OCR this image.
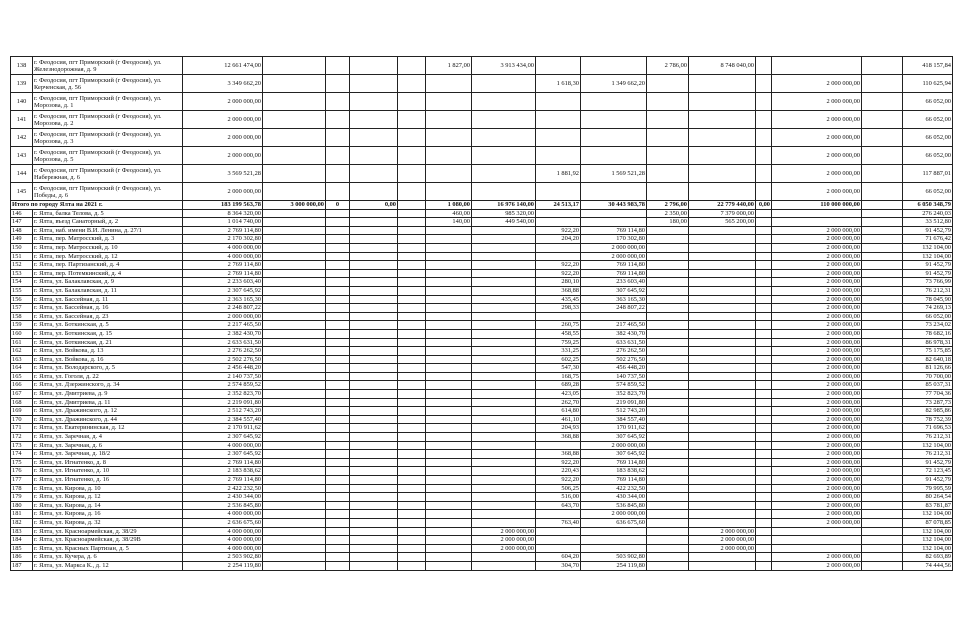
138	г. Феодосия, пгт Приморский (г Феодосия), ул. Железнодорожная, д. 9	12 661 474,00					1 827,00	3 913 434,00			2 786,00	8 748 040,00				418 157,84
139	г. Феодосия, пгт Приморский (г Феодосия), ул. Керченская, д. 56	3 349 662,20							1 618,30	1 349 662,20				2 000 000,00		110 625,94
140	г. Феодосия, пгт Приморский (г Феодосия), ул. Морозова, д. 1	2 000 000,00												2 000 000,00		66 052,00
141	г. Феодосия, пгт Приморский (г Феодосия), ул. Морозова, д. 2	2 000 000,00												2 000 000,00		66 052,00
142	г. Феодосия, пгт Приморский (г Феодосия), ул. Морозова, д. 3	2 000 000,00												2 000 000,00		66 052,00
143	г. Феодосия, пгт Приморский (г Феодосия), ул. Морозова, д. 5	2 000 000,00												2 000 000,00		66 052,00
144	г. Феодосия, пгт Приморский (г Феодосия), ул. Набережная, д. 6	3 569 521,28							1 881,92	1 569 521,28				2 000 000,00		117 887,01
145	г. Феодосия, пгт Приморский (г Феодосия), ул. Победы, д. 6	2 000 000,00												2 000 000,00		66 052,00
Итого по городу Ялта на 2021 г.		183 199 563,78	3 000 000,00	0	0,00		1 080,00	16 976 140,00	24 513,17	30 443 983,78	2 796,00	22 779 440,00	0,00	110 000 000,00		6 050 348,79
146	г. Ялта, балка Телова, д. 5	8 364 320,00					460,00	985 320,00			2 350,00	7 379 000,00				276 240,03
147	г. Ялта, въезд Санаторный, д. 2	1 014 740,00					140,00	449 540,00			180,00	565 200,00				33 512,80
148	г. Ялта, наб. имени В.И. Ленина, д. 27/1	2 769 114,80							922,20	769 114,80				2 000 000,00		91 452,79
149	г. Ялта, пер. Матросский, д. 3	2 170 302,80							204,20	170 302,80				2 000 000,00		71 676,42
150	г. Ялта, пер. Матросский, д. 10	4 000 000,00								2 000 000,00				2 000 000,00		132 104,00
151	г. Ялта, пер. Матросский, д. 12	4 000 000,00								2 000 000,00				2 000 000,00		132 104,00
152	г. Ялта, пер. Партизанский, д. 4	2 769 114,80							922,20	769 114,80				2 000 000,00		91 452,79
153	г. Ялта, пер. Потемкинский, д. 4	2 769 114,80							922,20	769 114,80				2 000 000,00		91 452,79
154	г. Ялта, ул. Балаклавская, д. 9	2 233 603,40							280,10	233 603,40				2 000 000,00		73 766,99
155	г. Ялта, ул. Балаклавская, д. 11	2 307 645,92							368,88	307 645,92				2 000 000,00		76 212,31
156	г. Ялта, ул. Бассейная, д. 11	2 363 165,30							435,45	363 165,30				2 000 000,00		78 045,90
157	г. Ялта, ул. Бассейная, д. 16	2 248 807,22							298,33	248 807,22				2 000 000,00		74 269,13
158	г. Ялта, ул. Бассейная, д. 23	2 000 000,00												2 000 000,00		66 052,00
159	г. Ялта, ул. Боткинская, д. 5	2 217 465,50							260,75	217 465,50				2 000 000,00		73 234,02
160	г. Ялта, ул. Боткинская, д. 15	2 382 430,70							458,55	382 430,70				2 000 000,00		78 682,16
161	г. Ялта, ул. Боткинская, д. 21	2 633 631,50							759,25	633 631,50				2 000 000,00		86 978,31
162	г. Ялта, ул. Войкова, д. 13	2 276 262,50							331,25	276 262,50				2 000 000,00		75 175,85
163	г. Ялта, ул. Войкова, д. 16	2 502 276,50							602,25	502 276,50				2 000 000,00		82 640,18
164	г. Ялта, ул. Володарского, д. 5	2 456 448,20							547,30	456 448,20				2 000 000,00		81 126,66
165	г. Ялта, ул. Гоголя, д. 22	2 140 737,50							168,75	140 737,50				2 000 000,00		70 700,00
166	г. Ялта, ул. Дзержинского, д. 34	2 574 859,52							689,28	574 859,52				2 000 000,00		85 037,31
167	г. Ялта, ул. Дмитриева, д. 9	2 352 823,70							423,05	352 823,70				2 000 000,00		77 704,36
168	г. Ялта, ул. Дмитриева, д. 11	2 219 091,80							262,70	219 091,80				2 000 000,00		73 287,73
169	г. Ялта, ул. Дражинского, д. 12	2 512 743,20							614,80	512 743,20				2 000 000,00		82 985,86
170	г. Ялта, ул. Дражинского, д. 44	2 384 557,40							461,10	384 557,40				2 000 000,00		78 752,39
171	г. Ялта, ул. Екатерининская, д. 12	2 170 911,62							204,93	170 911,62				2 000 000,00		71 696,53
172	г. Ялта, ул. Заречная, д. 4	2 307 645,92							368,88	307 645,92				2 000 000,00		76 212,31
173	г. Ялта, ул. Заречная, д. 6	4 000 000,00								2 000 000,00				2 000 000,00		132 104,00
174	г. Ялта, ул. Заречная, д. 18/2	2 307 645,92							368,88	307 645,92				2 000 000,00		76 212,31
175	г. Ялта, ул. Игнатенко, д. 8	2 769 114,80							922,20	769 114,80				2 000 000,00		91 452,79
176	г. Ялта, ул. Игнатенко, д. 10	2 183 838,62							220,43	183 838,62				2 000 000,00		72 123,45
177	г. Ялта, ул. Игнатенко, д. 16	2 769 114,80							922,20	769 114,80				2 000 000,00		91 452,79
178	г. Ялта, ул. Кирова, д. 10	2 422 232,50							506,25	422 232,50				2 000 000,00		79 995,59
179	г. Ялта, ул. Кирова, д. 12	2 430 344,00							516,00	430 344,00				2 000 000,00		80 264,54
180	г. Ялта, ул. Кирова, д. 14	2 536 845,80							643,70	536 845,80				2 000 000,00		83 781,87
181	г. Ялта, ул. Кирова, д. 16	4 000 000,00								2 000 000,00				2 000 000,00		132 104,00
182	г. Ялта, ул. Кирова, д. 32	2 636 675,60							763,40	636 675,60				2 000 000,00		87 078,85
183	г. Ялта, ул. Красноармейская, д. 38/29	4 000 000,00						2 000 000,00				2 000 000,00				132 104,00
184	г. Ялта, ул. Красноармейская, д. 38/29В	4 000 000,00						2 000 000,00				2 000 000,00				132 104,00
185	г. Ялта, ул. Красных Партизан, д. 5	4 000 000,00						2 000 000,00				2 000 000,00				132 104,00
186	г. Ялта, ул. Кучера, д. 6	2 503 902,80							604,20	503 902,80				2 000 000,00		82 693,89
187	г. Ялта, ул. Маркса К., д. 12	2 254 119,80							304,70	254 119,80				2 000 000,00		74 444,56
